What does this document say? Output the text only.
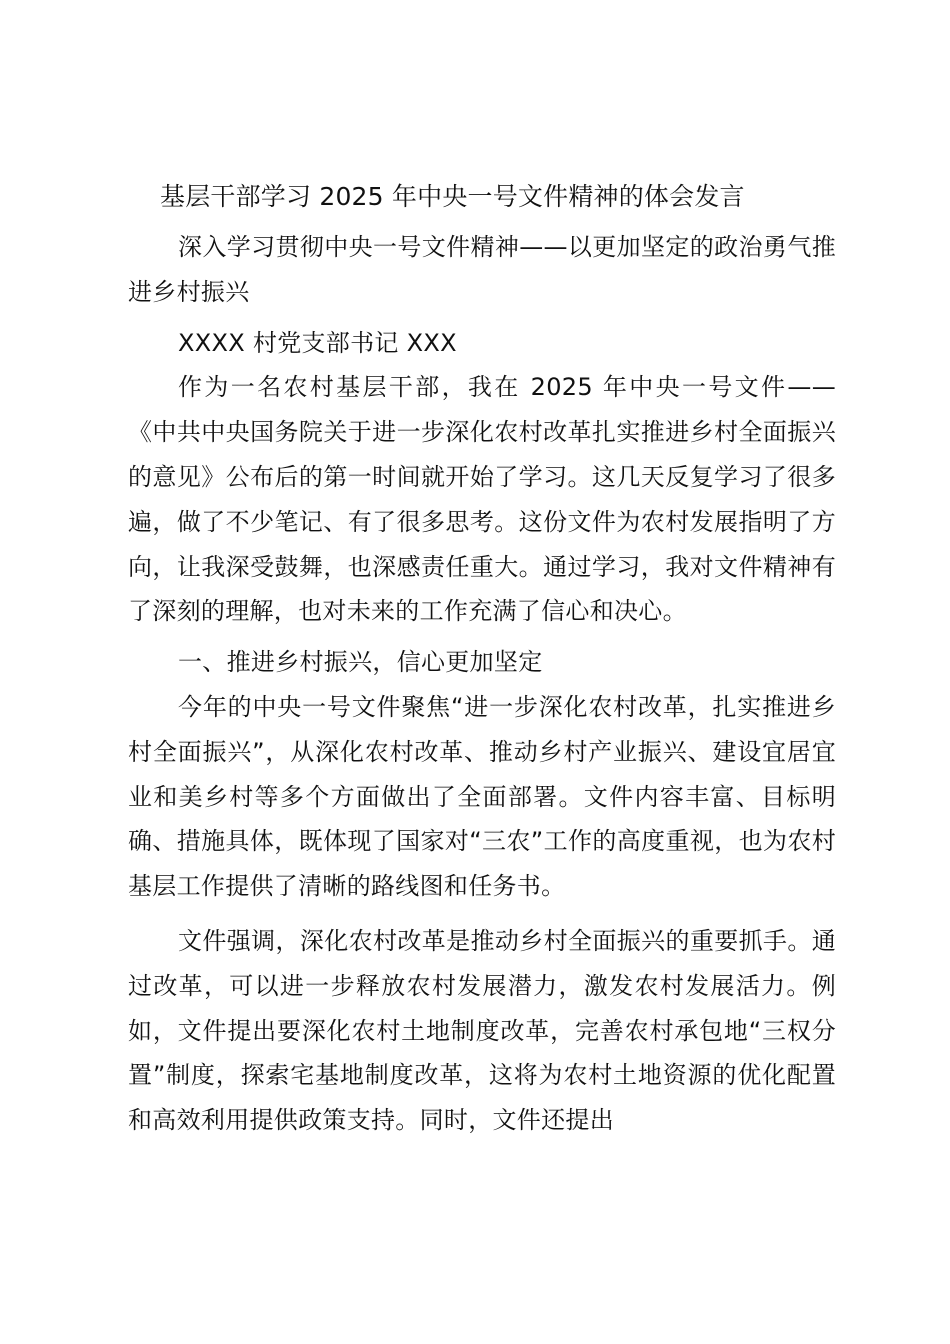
基层干部学习 2025 年中央一号文件精神的体会发言

深入学习贯彻中央一号文件精神——以更加坚定的政治勇气推进乡村振兴

XXXX 村党支部书记 XXX

作为一名农村基层干部，我在 2025 年中央一号文件——《中共中央国务院关于进一步深化农村改革扎实推进乡村全面振兴的意见》公布后的第一时间就开始了学习。这几天反复学习了很多遍，做了不少笔记、有了很多思考。这份文件为农村发展指明了方向，让我深受鼓舞，也深感责任重大。通过学习，我对文件精神有了深刻的理解，也对未来的工作充满了信心和决心。

一、推进乡村振兴，信心更加坚定

今年的中央一号文件聚焦“进一步深化农村改革，扎实推进乡村全面振兴”，从深化农村改革、推动乡村产业振兴、建设宜居宜业和美乡村等多个方面做出了全面部署。文件内容丰富、目标明确、措施具体，既体现了国家对“三农”工作的高度重视，也为农村基层工作提供了清晰的路线图和任务书。

文件强调，深化农村改革是推动乡村全面振兴的重要抓手。通过改革，可以进一步释放农村发展潜力，激发农村发展活力。例如，文件提出要深化农村土地制度改革，完善农村承包地“三权分置”制度，探索宅基地制度改革，这将为农村土地资源的优化配置和高效利用提供政策支持。同时，文件还提出
